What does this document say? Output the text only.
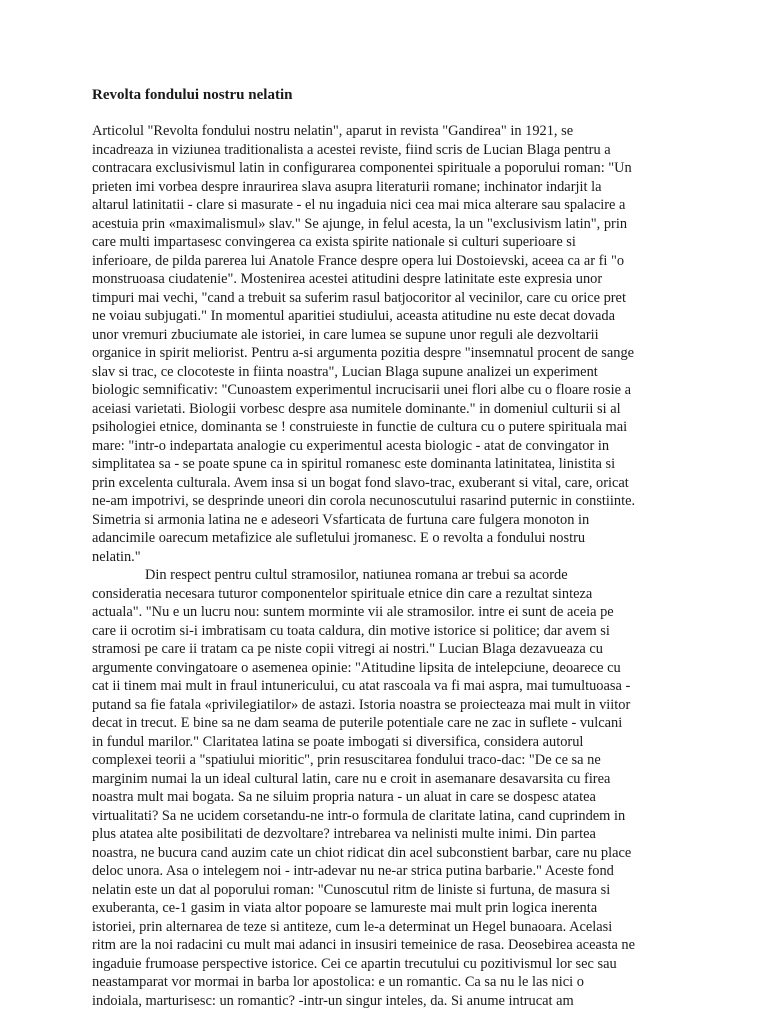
Revolta fondului nostru nelatin
Articolul "Revolta fondului nostru nelatin", aparut in revista "Gandirea" in 1921, se
incadreaza in viziunea traditionalista a acestei reviste, fiind scris de Lucian Blaga pentru a
contracara exclusivismul latin in configurarea componentei spirituale a poporului roman: "Un
prieten imi vorbea despre inraurirea slava asupra literaturii romane; inchinator indarjit la
altarul latinitatii - clare si masurate - el nu ingaduia nici cea mai mica alterare sau spalacire a
acestuia prin «maximalismul» slav." Se ajunge, in felul acesta, la un "exclusivism latin", prin
care multi impartasesc convingerea ca exista spirite nationale si culturi superioare si
inferioare, de pilda parerea lui Anatole France despre opera lui Dostoievski, aceea ca ar fi "o
monstruoasa ciudatenie". Mostenirea acestei atitudini despre latinitate este expresia unor
timpuri mai vechi, "cand a trebuit sa suferim rasul batjocoritor al vecinilor, care cu orice pret
ne voiau subjugati." In momentul aparitiei studiului, aceasta atitudine nu este decat dovada
unor vremuri zbuciumate ale istoriei, in care lumea se supune unor reguli ale dezvoltarii
organice in spirit meliorist. Pentru a-si argumenta pozitia despre "insemnatul procent de sange
slav si trac, ce clocoteste in fiinta noastra", Lucian Blaga supune analizei un experiment
biologic semnificativ: "Cunoastem experimentul incrucisarii unei flori albe cu o floare rosie a
aceiasi varietati. Biologii vorbesc despre asa numitele dominante." in domeniul culturii si al
psihologiei etnice, dominanta se ! construieste in functie de cultura cu o putere spirituala mai
mare: "intr-o indepartata analogie cu experimentul acesta biologic - atat de convingator in
simplitatea sa - se poate spune ca in spiritul romanesc este dominanta latinitatea, linistita si
prin excelenta culturala. Avem insa si un bogat fond slavo-trac, exuberant si vital, care, oricat
ne-am impotrivi, se desprinde uneori din corola necunoscutului rasarind puternic in constiinte.
Simetria si armonia latina ne e adeseori Vsfarticata de furtuna care fulgera monoton in
adancimile oarecum metafizice ale sufletului jromanesc. E o revolta a fondului nostru
nelatin."
Din respect pentru cultul stramosilor, natiunea romana ar trebui sa acorde
consideratia necesara tuturor componentelor spirituale etnice din care a rezultat sinteza
actuala". "Nu e un lucru nou: suntem morminte vii ale stramosilor. intre ei sunt de aceia pe
care ii ocrotim si-i imbratisam cu toata caldura, din motive istorice si politice; dar avem si
stramosi pe care ii tratam ca pe niste copii vitregi ai nostri." Lucian Blaga dezavueaza cu
argumente convingatoare o asemenea opinie: "Atitudine lipsita de intelepciune, deoarece cu
cat ii tinem mai mult in fraul intunericului, cu atat rascoala va fi mai aspra, mai tumultuoasa -
putand sa fie fatala «privilegiatilor» de astazi. Istoria noastra se proiecteaza mai mult in viitor
decat in trecut. E bine sa ne dam seama de puterile potentiale care ne zac in suflete - vulcani
in fundul marilor." Claritatea latina se poate imbogati si diversifica, considera autorul
complexei teorii a "spatiului mioritic", prin resuscitarea fondului traco-dac: "De ce sa ne
marginim numai la un ideal cultural latin, care nu e croit in asemanare desavarsita cu firea
noastra mult mai bogata. Sa ne siluim propria natura - un aluat in care se dospesc atatea
virtualitati? Sa ne ucidem corsetandu-ne intr-o formula de claritate latina, cand cuprindem in
plus atatea alte posibilitati de dezvoltare? intrebarea va nelinisti multe inimi. Din partea
noastra, ne bucura cand auzim cate un chiot ridicat din acel subconstient barbar, care nu place
deloc unora. Asa o intelegem noi - intr-adevar nu ne-ar strica putina barbarie." Aceste fond
nelatin este un dat al poporului roman: "Cunoscutul ritm de liniste si furtuna, de masura si
exuberanta, ce-1 gasim in viata altor popoare se lamureste mai mult prin logica inerenta
istoriei, prin alternarea de teze si antiteze, cum le-a determinat un Hegel bunaoara. Acelasi
ritm are la noi radacini cu mult mai adanci in insusiri temeinice de rasa. Deosebirea aceasta ne
ingaduie frumoase perspective istorice. Cei ce apartin trecutului cu pozitivismul lor sec sau
neastamparat vor mormai in barba lor apostolica: e un romantic. Ca sa nu le las nici o
indoiala, marturisesc: un romantic? -intr-un singur inteles, da. Si anume intrucat am
